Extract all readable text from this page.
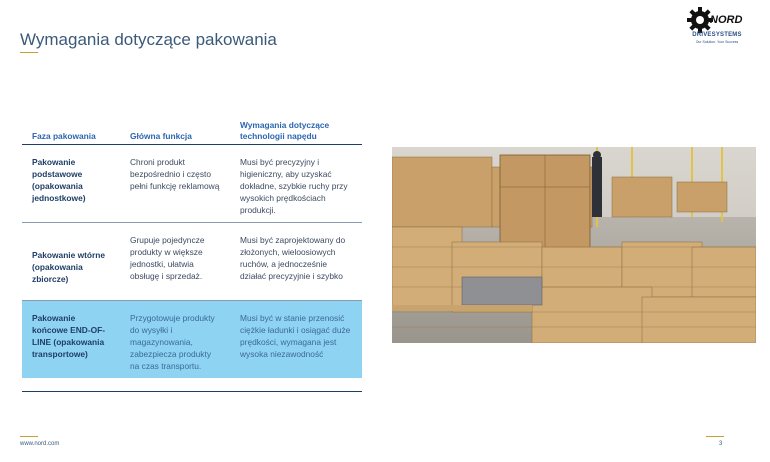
Wymagania dotyczące pakowania
NORD
DRIVESYSTEMS
Our Solution. Your Success
Faza pakowania	Główna funkcja	Wymagania dotyczące technologii napędu
Pakowanie podstawowe (opakowania jednostkowe)	Chroni produkt bezpośrednio i często pełni funkcję reklamową	Musi być precyzyjny i higieniczny, aby uzyskać dokładne, szybkie ruchy przy wysokich prędkościach produkcji.
Pakowanie wtórne (opakowania zbiorcze)	Grupuje pojedyncze produkty w większe jednostki, ułatwia obsługę i sprzedaż.	Musi być zaprojektowany do złożonych, wieloosiowych ruchów, a jednocześnie działać precyzyjnie i szybko
Pakowanie końcowe END-OF-LINE (opakowania transportowe)	Przygotowuje produkty do wysyłki i magazynowania, zabezpiecza produkty na czas transportu.	Musi być w stanie przenosić ciężkie ładunki i osiągać duże prędkości, wymagana jest wysoka niezawodność
www.nord.com	3
